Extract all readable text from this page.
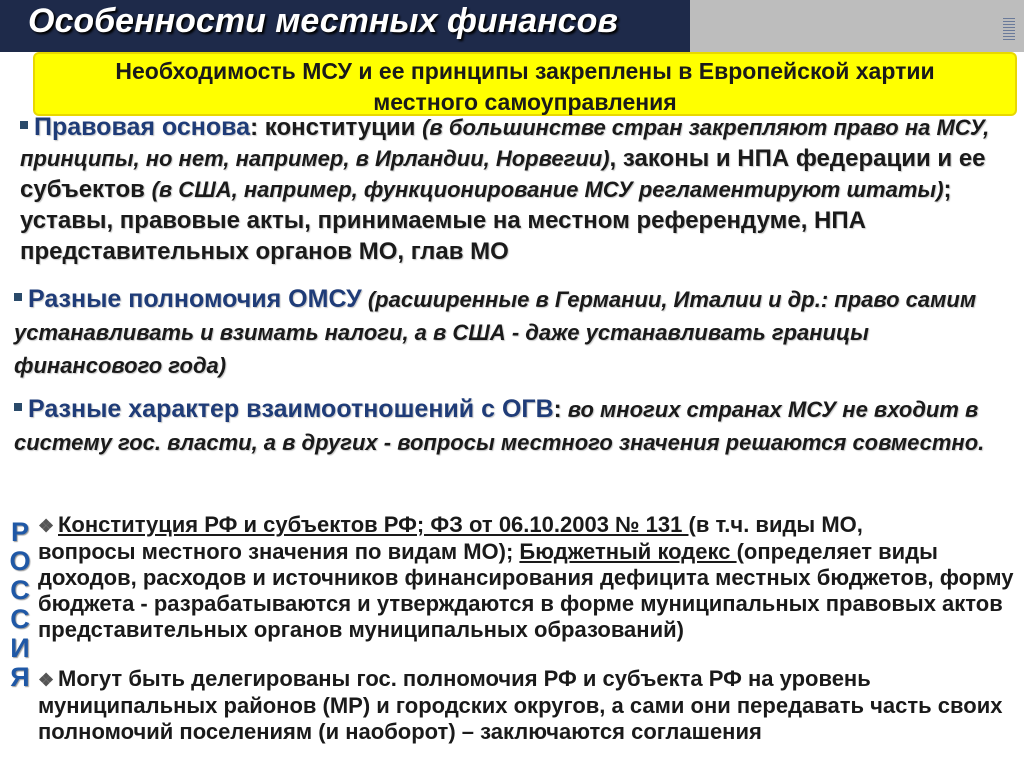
Особенности местных финансов
Необходимость МСУ и ее принципы закреплены в Европейской хартии
местного самоуправления
Правовая основа: конституции (в большинстве стран закрепляют право на МСУ, принципы, но нет, например, в Ирландии, Норвегии), законы и НПА федерации и ее субъектов (в США, например, функционирование МСУ регламентируют штаты); уставы, правовые акты, принимаемые на местном референдуме, НПА представительных органов МО, глав МО
Разные полномочия ОМСУ (расширенные в Германии, Италии и др.: право самим устанавливать и взимать налоги, а в США - даже устанавливать границы финансового года)
Разные характер взаимоотношений с ОГВ: во многих странах МСУ не входит в систему гос. власти, а в других - вопросы местного значения решаются совместно.
Р
О
С
С
И
Я
❖ Конституция РФ и субъектов РФ; ФЗ от 06.10.2003 № 131 (в т.ч. виды МО,
вопросы местного значения по видам МО); Бюджетный кодекс (определяет виды доходов, расходов и источников финансирования дефицита местных бюджетов, форму бюджета - разрабатываются и утверждаются в форме муниципальных правовых актов представительных органов муниципальных образований)
❖ Могут быть делегированы гос. полномочия РФ и субъекта РФ на уровень муниципальных районов (МР) и городских округов, а сами они передавать часть своих полномочий поселениям (и наоборот) – заключаются соглашения
